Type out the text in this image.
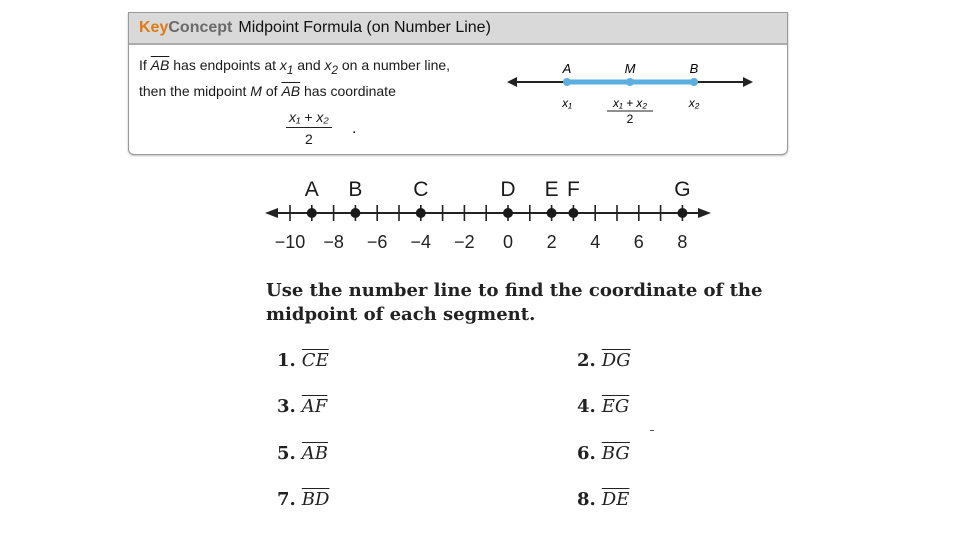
KeyConcept Midpoint Formula (on Number Line)
If $\overline{AB}$ has endpoints at $x_1$ and $x_2$ on a number line,
then the midpoint M of $\overline{AB}$ has coordinate
$\frac{\text{x₁ + x₂}}{2}$ .
A	M	B
x₁	x₁ + x₂
2
x₂
−10 −8 −6 −4 −2 0 2 4 6 8
A B C	D E F	G
Use the number line to find the coordinate of the midpoint of each segment.
1. $\overline{CE}$	2. $\overline{DG}$
3. $\overline{AF}$	4. $\overline{EG}$
5. $\overline{AB}$	6. $\overline{BG}$
7. $\overline{BD}$	8. $\overline{DE}$
